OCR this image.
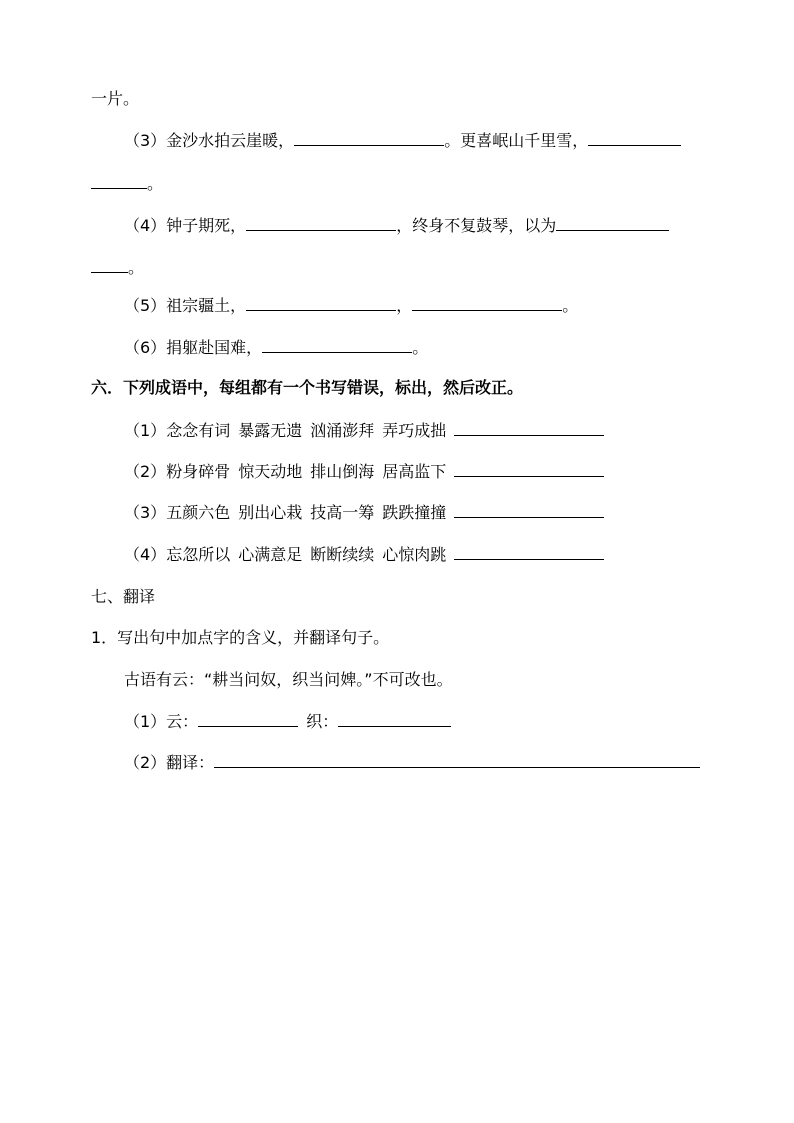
一片。
（3）金沙水拍云崖暖，	。更喜岷山千里雪，
。
（4）钟子期死，	，终身不复鼓琴，以为
。
（5）祖宗疆土，	，	。
（6）捐躯赴国难，	。
六．下列成语中，每组都有一个书写错误，标出，然后改正。
（1）念念有词 暴露无遗 汹涌澎拜 弄巧成拙
（2）粉身碎骨 惊天动地 排山倒海 居高监下
（3）五颜六色 别出心栽 技高一筹 跌跌撞撞
（4）忘忽所以 心满意足 断断续续 心惊肉跳
七、翻译
1．写出句中加点字的含义，并翻译句子。
古语有云：“耕当问奴，织当问婢。”不可改也。
（1）云：	织：
（2）翻译：
